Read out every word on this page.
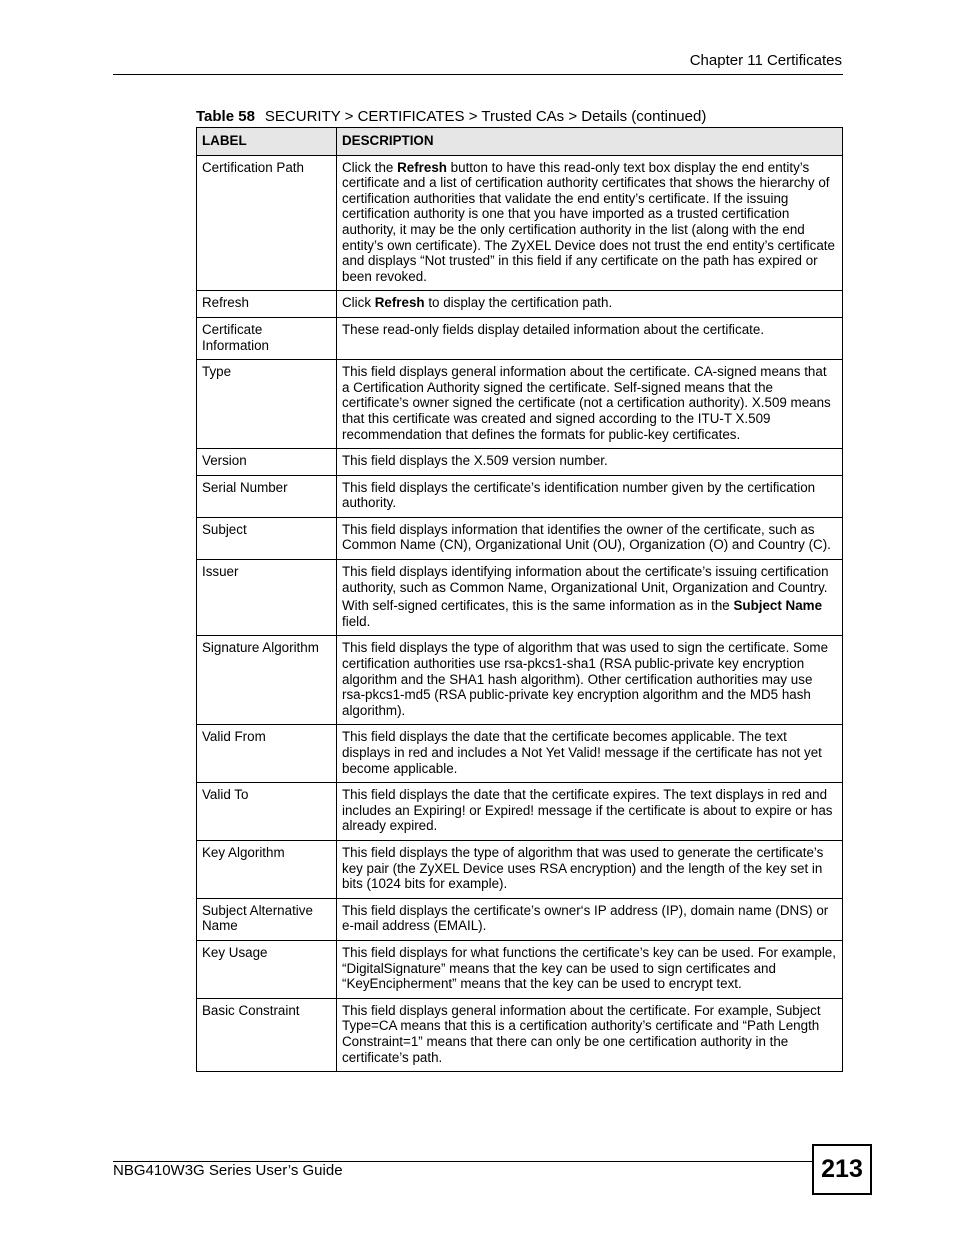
Chapter 11 Certificates
Table 58 SECURITY > CERTIFICATES > Trusted CAs > Details (continued)
LABEL	DESCRIPTION
Certification Path	Click the Refresh button to have this read-only text box display the end entity’s certificate and a list of certification authority certificates that shows the hierarchy of certification authorities that validate the end entity’s certificate. If the issuing certification authority is one that you have imported as a trusted certification authority, it may be the only certification authority in the list (along with the end entity’s own certificate). The ZyXEL Device does not trust the end entity’s certificate and displays “Not trusted” in this field if any certificate on the path has expired or been revoked.

Refresh	Click Refresh to display the certification path.

Certificate Information	These read-only fields display detailed information about the certificate.

Type	This field displays general information about the certificate. CA-signed means that a Certification Authority signed the certificate. Self-signed means that the certificate’s owner signed the certificate (not a certification authority). X.509 means that this certificate was created and signed according to the ITU-T X.509 recommendation that defines the formats for public-key certificates.

Version	This field displays the X.509 version number.

Serial Number	This field displays the certificate’s identification number given by the certification authority.

Subject	This field displays information that identifies the owner of the certificate, such as Common Name (CN), Organizational Unit (OU), Organization (O) and Country (C).

Issuer	This field displays identifying information about the certificate’s issuing certification authority, such as Common Name, Organizational Unit, Organization and Country.

With self-signed certificates, this is the same information as in the Subject Name field.

Signature Algorithm	This field displays the type of algorithm that was used to sign the certificate. Some certification authorities use rsa-pkcs1-sha1 (RSA public-private key encryption algorithm and the SHA1 hash algorithm). Other certification authorities may use rsa-pkcs1-md5 (RSA public-private key encryption algorithm and the MD5 hash algorithm).

Valid From	This field displays the date that the certificate becomes applicable. The text displays in red and includes a Not Yet Valid! message if the certificate has not yet become applicable.

Valid To	This field displays the date that the certificate expires. The text displays in red and includes an Expiring! or Expired! message if the certificate is about to expire or has already expired.

Key Algorithm	This field displays the type of algorithm that was used to generate the certificate’s key pair (the ZyXEL Device uses RSA encryption) and the length of the key set in bits (1024 bits for example).

Subject Alternative Name	This field displays the certificate’s owner‘s IP address (IP), domain name (DNS) or e-mail address (EMAIL).

Key Usage	This field displays for what functions the certificate’s key can be used. For example, “DigitalSignature” means that the key can be used to sign certificates and “KeyEncipherment” means that the key can be used to encrypt text.

Basic Constraint	This field displays general information about the certificate. For example, Subject Type=CA means that this is a certification authority’s certificate and “Path Length Constraint=1” means that there can only be one certification authority in the certificate’s path.

NBG410W3G Series User’s Guide	213
